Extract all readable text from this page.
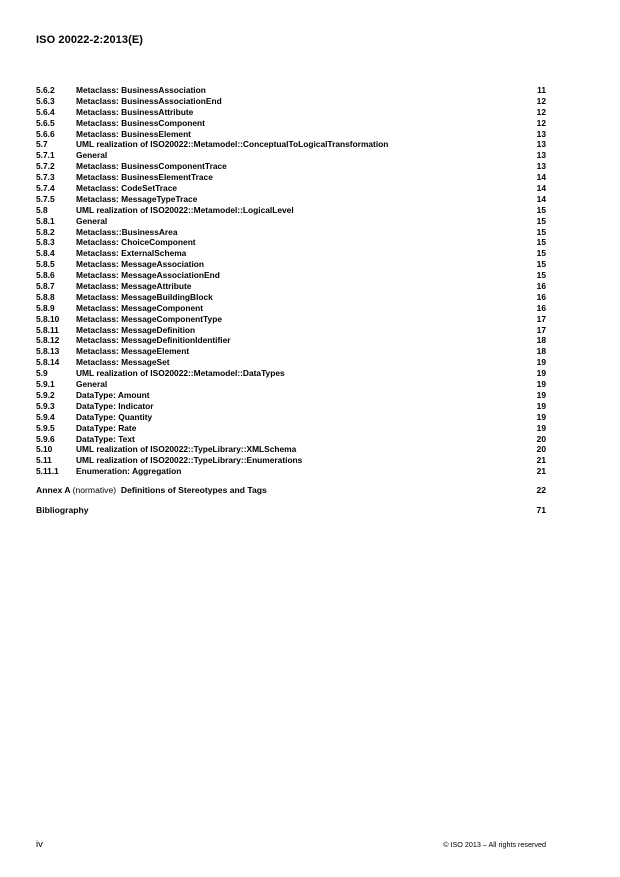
ISO 20022-2:2013(E)
5.6.2	Metaclass: BusinessAssociation	11
5.6.3	Metaclass: BusinessAssociationEnd	12
5.6.4	Metaclass: BusinessAttribute	12
5.6.5	Metaclass: BusinessComponent	12
5.6.6	Metaclass: BusinessElement	13
5.7	UML realization of ISO20022::Metamodel::ConceptualToLogicalTransformation	13
5.7.1	General	13
5.7.2	Metaclass: BusinessComponentTrace	13
5.7.3	Metaclass: BusinessElementTrace	14
5.7.4	Metaclass: CodeSetTrace	14
5.7.5	Metaclass: MessageTypeTrace	14
5.8	UML realization of ISO20022::Metamodel::LogicalLevel	15
5.8.1	General	15
5.8.2	Metaclass::BusinessArea	15
5.8.3	Metaclass: ChoiceComponent	15
5.8.4	Metaclass: ExternalSchema	15
5.8.5	Metaclass: MessageAssociation	15
5.8.6	Metaclass: MessageAssociationEnd	15
5.8.7	Metaclass: MessageAttribute	16
5.8.8	Metaclass: MessageBuildingBlock	16
5.8.9	Metaclass: MessageComponent	16
5.8.10	Metaclass: MessageComponentType	17
5.8.11	Metaclass: MessageDefinition	17
5.8.12	Metaclass: MessageDefinitionIdentifier	18
5.8.13	Metaclass: MessageElement	18
5.8.14	Metaclass: MessageSet	19
5.9	UML realization of ISO20022::Metamodel::DataTypes	19
5.9.1	General	19
5.9.2	DataType: Amount	19
5.9.3	DataType: Indicator	19
5.9.4	DataType: Quantity	19
5.9.5	DataType: Rate	19
5.9.6	DataType: Text	20
5.10	UML realization of ISO20022::TypeLibrary::XMLSchema	20
5.11	UML realization of ISO20022::TypeLibrary::Enumerations	21
5.11.1	Enumeration: Aggregation	21
Annex A (normative) Definitions of Stereotypes and Tags	22
Bibliography	71
iv	© ISO 2013 – All rights reserved
